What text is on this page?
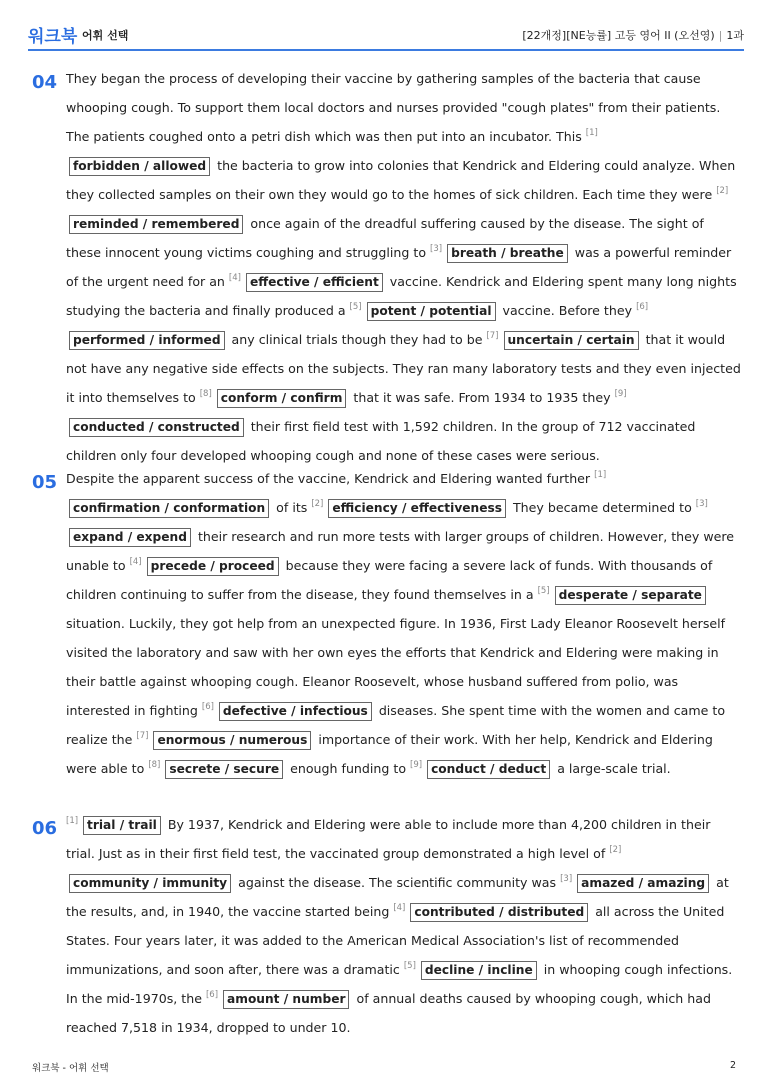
워크북 어휘 선택	[22개정][NE능률] 고등 영어 II (오선영) | 1과
04 They began the process of developing their vaccine by gathering samples of the bacteria that cause whooping cough. To support them local doctors and nurses provided "cough plates" from their patients. The patients coughed onto a petri dish which was then put into an incubator. This [1]forbidden / allowed the bacteria to grow into colonies that Kendrick and Eldering could analyze. When they collected samples on their own they would go to the homes of sick children. Each time they were [2]reminded / remembered once again of the dreadful suffering caused by the disease. The sight of these innocent young victims coughing and struggling to [3] breath / breathe was a powerful reminder of the urgent need for an [4] effective / efficient vaccine. Kendrick and Eldering spent many long nights studying the bacteria and finally produced a [5] potent / potential vaccine. Before they [6]performed / informed any clinical trials though they had to be [7] uncertain / certain that it would not have any negative side effects on the subjects. They ran many laboratory tests and they even injected it into themselves to [8] conform / confirm that it was safe. From 1934 to 1935 they [9]conducted / constructed their first field test with 1,592 children. In the group of 712 vaccinated children only four developed whooping cough and none of these cases were serious.
05 Despite the apparent success of the vaccine, Kendrick and Eldering wanted further [1]confirmation / conformation of its [2] efficiency / effectiveness They became determined to [3]expand / expend their research and run more tests with larger groups of children. However, they were unable to [4] precede / proceed because they were facing a severe lack of funds. With thousands of children continuing to suffer from the disease, they found themselves in a [5] desperate / separate situation. Luckily, they got help from an unexpected figure. In 1936, First Lady Eleanor Roosevelt herself visited the laboratory and saw with her own eyes the efforts that Kendrick and Eldering were making in their battle against whooping cough. Eleanor Roosevelt, whose husband suffered from polio, was interested in fighting [6] defective / infectious diseases. She spent time with the women and came to realize the [7] enormous / numerous importance of their work. With her help, Kendrick and Eldering were able to [8] secrete / secure enough funding to [9] conduct / deduct a large-scale trial.
06 [1] trial / trail By 1937, Kendrick and Eldering were able to include more than 4,200 children in their trial. Just as in their first field test, the vaccinated group demonstrated a high level of [2]community / immunity against the disease. The scientific community was [3] amazed / amazing at the results, and, in 1940, the vaccine started being [4] contributed / distributed all across the United States. Four years later, it was added to the American Medical Association's list of recommended immunizations, and soon after, there was a dramatic [5] decline / incline in whooping cough infections. In the mid-1970s, the [6] amount / number of annual deaths caused by whooping cough, which had reached 7,518 in 1934, dropped to under 10.
워크북 - 어휘 선택	2
